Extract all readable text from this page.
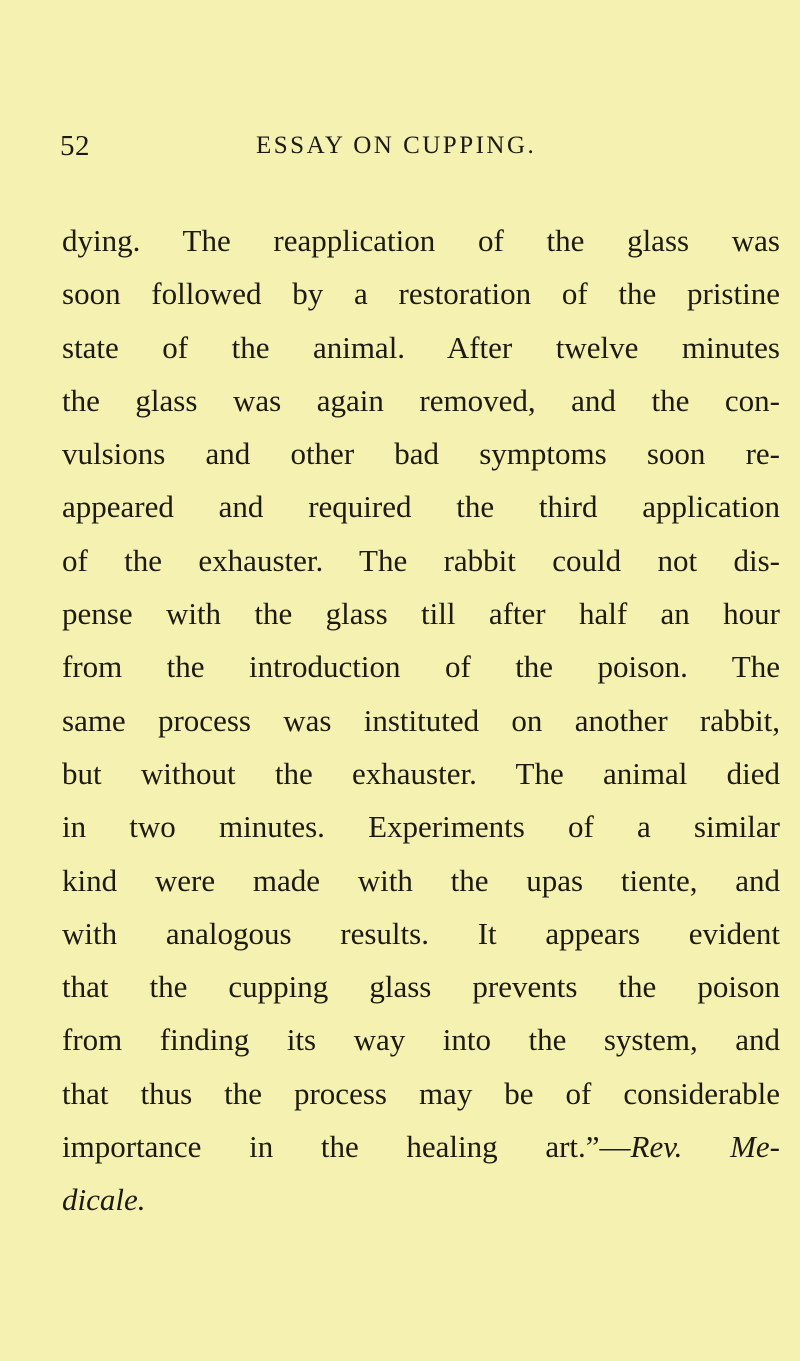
52	ESSAY ON CUPPING.
dying. The reapplication of the glass was
soon followed by a restoration of the pristine
state of the animal. After twelve minutes
the glass was again removed, and the con-
vulsions and other bad symptoms soon re-
appeared and required the third application
of the exhauster. The rabbit could not dis-
pense with the glass till after half an hour
from the introduction of the poison. The
same process was instituted on another rabbit,
but without the exhauster. The animal died
in two minutes. Experiments of a similar
kind were made with the upas tiente, and
with analogous results. It appears evident
that the cupping glass prevents the poison
from finding its way into the system, and
that thus the process may be of considerable
importance in the healing art.”—Rev. Me-
dicale.
